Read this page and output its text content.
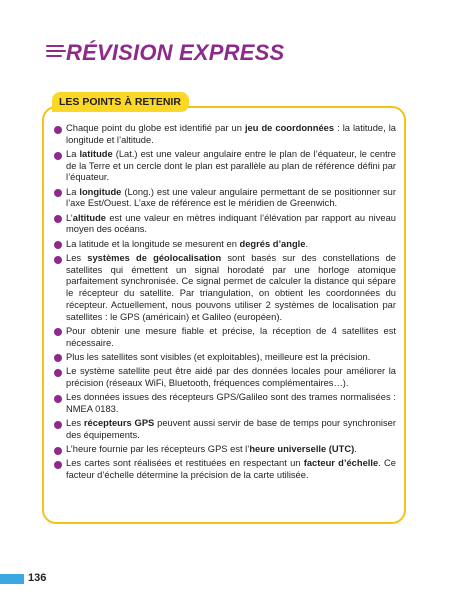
RÉVISION EXPRESS
LES POINTS À RETENIR
Chaque point du globe est identifié par un jeu de coordonnées : la latitude, la longitude et l’altitude.
La latitude (Lat.) est une valeur angulaire entre le plan de l’équateur, le centre de la Terre et un cercle dont le plan est parallèle au plan de référence défini par l’équateur.
La longitude (Long.) est une valeur angulaire permettant de se positionner sur l’axe Est/Ouest. L’axe de référence est le méridien de Greenwich.
L’altitude est une valeur en mètres indiquant l’élévation par rapport au niveau moyen des océans.
La latitude et la longitude se mesurent en degrés d’angle.
Les systèmes de géolocalisation sont basés sur des constellations de satellites qui émettent un signal horodaté par une horloge atomique parfaitement synchronisée. Ce signal permet de calculer la distance qui sépare le récepteur du satellite. Par triangulation, on obtient les coordonnées du récepteur. Actuellement, nous pouvons utiliser 2 systèmes de localisation par satellites : le GPS (américain) et Galileo (européen).
Pour obtenir une mesure fiable et précise, la réception de 4 satellites est nécessaire.
Plus les satellites sont visibles (et exploitables), meilleure est la précision.
Le système satellite peut être aidé par des données locales pour améliorer la précision (réseaux WiFi, Bluetooth, fréquences complémentaires…).
Les données issues des récepteurs GPS/Galileo sont des trames normalisées : NMEA 0183.
Les récepteurs GPS peuvent aussi servir de base de temps pour synchroniser des équipements.
L’heure fournie par les récepteurs GPS est l’heure universelle (UTC).
Les cartes sont réalisées et restituées en respectant un facteur d’échelle. Ce facteur d’échelle détermine la précision de la carte utilisée.
136
